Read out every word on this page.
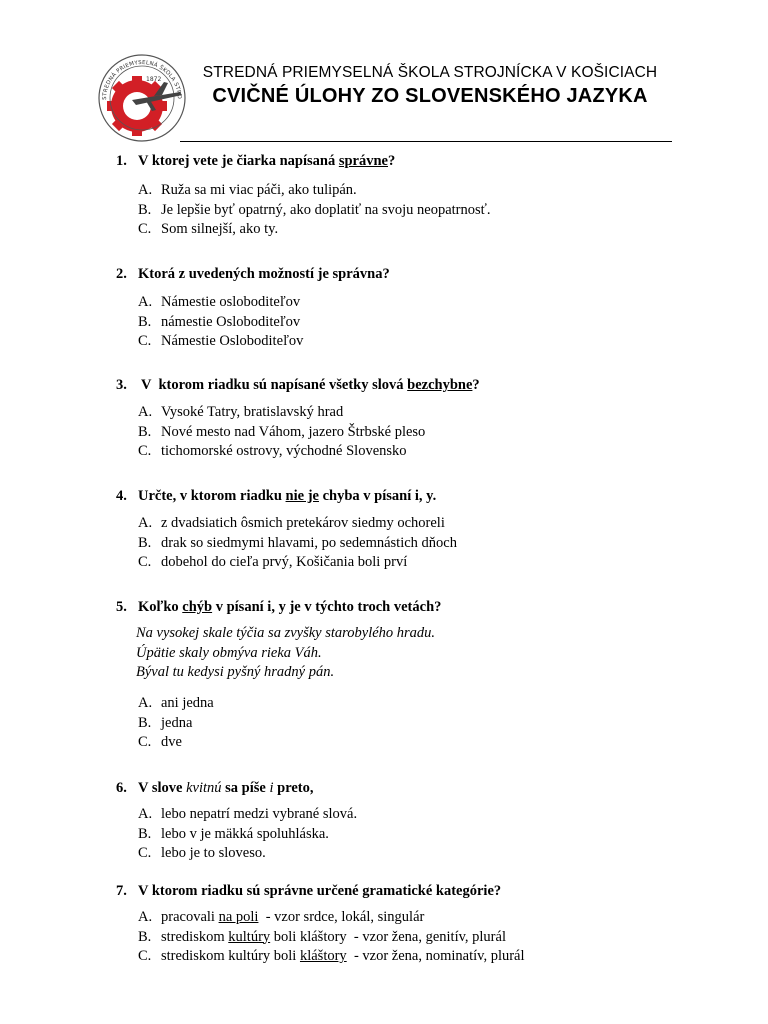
1872
STREDNÁ PRIEMYSELNÁ ŠKOLA STRO
STREDNÁ PRIEMYSELNÁ ŠKOLA STROJNÍCKA V KOŠICIACH
CVIČNÉ ÚLOHY ZO SLOVENSKÉHO JAZYKA
1. V ktorej vete je čiarka napísaná správne?
A. Ruža sa mi viac páči, ako tulipán.
B. Je lepšie byť opatrný, ako doplatiť na svoju neopatrnosť.
C. Som silnejší, ako ty.
2. Ktorá z uvedených možností je správna?
A. Námestie osloboditeľov
B. námestie Osloboditeľov
C. Námestie Osloboditeľov
3. V  ktorom riadku sú napísané všetky slová bezchybne?
A. Vysoké Tatry, bratislavský hrad
B. Nové mesto nad Váhom, jazero Štrbské pleso
C. tichomorské ostrovy, východné Slovensko
4. Určte, v ktorom riadku nie je chyba v písaní i, y.
A. z dvadsiatich ôsmich pretekárov siedmy ochoreli
B. drak so siedmymi hlavami, po sedemnástich dňoch
C. dobehol do cieľa prvý, Košičania boli prví
5. Koľko chýb v písaní i, y je v týchto troch vetách?
Na vysokej skale týčia sa zvyšky starobylého hradu.
Úpätie skaly obmýva rieka Váh.
Býval tu kedysi pyšný hradný pán.
A. ani jedna
B. jedna
C. dve
6. V slove kvitnú sa píše i preto,
A. lebo nepatrí medzi vybrané slová.
B. lebo v je mäkká spoluhláska.
C. lebo je to sloveso.
7. V ktorom riadku sú správne určené gramatické kategórie?
A. pracovali na poli  - vzor srdce, lokál, singulár
B. strediskom kultúry boli kláštory  - vzor žena, genitív, plurál
C. strediskom kultúry boli kláštory  - vzor žena, nominatív, plurál
